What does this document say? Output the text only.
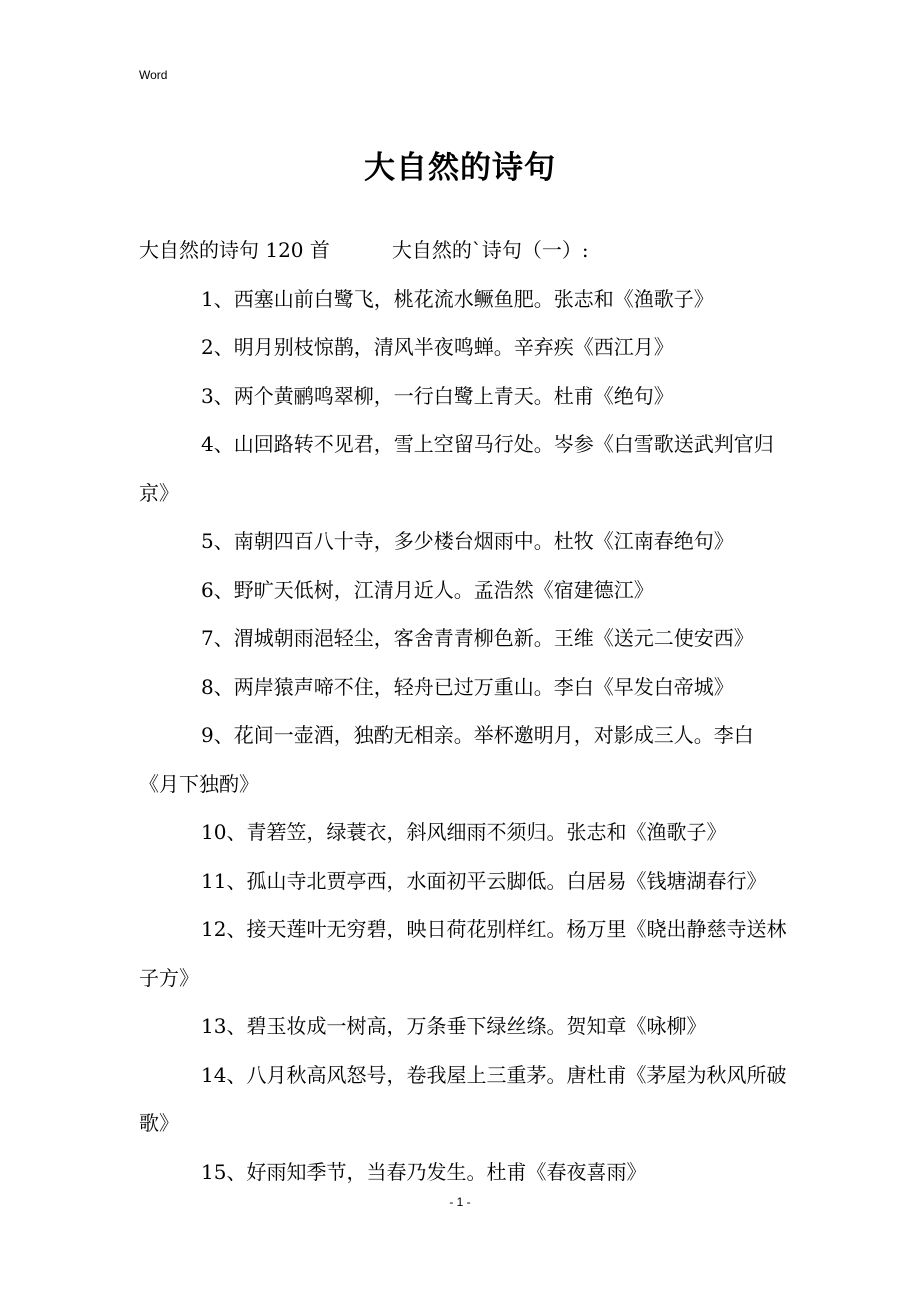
Word
大自然的诗句
大自然的诗句 120 首	大自然的`诗句（一）:

1、西塞山前白鹭飞，桃花流水鳜鱼肥。张志和《渔歌子》

2、明月别枝惊鹊，清风半夜鸣蝉。辛弃疾《西江月》

3、两个黄鹂鸣翠柳，一行白鹭上青天。杜甫《绝句》

4、山回路转不见君，雪上空留马行处。岑参《白雪歌送武判官归京》

5、南朝四百八十寺，多少楼台烟雨中。杜牧《江南春绝句》

6、野旷天低树，江清月近人。孟浩然《宿建德江》

7、渭城朝雨浥轻尘，客舍青青柳色新。王维《送元二使安西》

8、两岸猿声啼不住，轻舟已过万重山。李白《早发白帝城》

9、花间一壶酒，独酌无相亲。举杯邀明月，对影成三人。李白《月下独酌》

10、青箬笠，绿蓑衣，斜风细雨不须归。张志和《渔歌子》

11、孤山寺北贾亭西，水面初平云脚低。白居易《钱塘湖春行》

12、接天莲叶无穷碧，映日荷花别样红。杨万里《晓出静慈寺送林子方》

13、碧玉妆成一树高，万条垂下绿丝绦。贺知章《咏柳》

14、八月秋高风怒号，卷我屋上三重茅。唐杜甫《茅屋为秋风所破歌》

15、好雨知季节，当春乃发生。杜甫《春夜喜雨》

- 1 -
